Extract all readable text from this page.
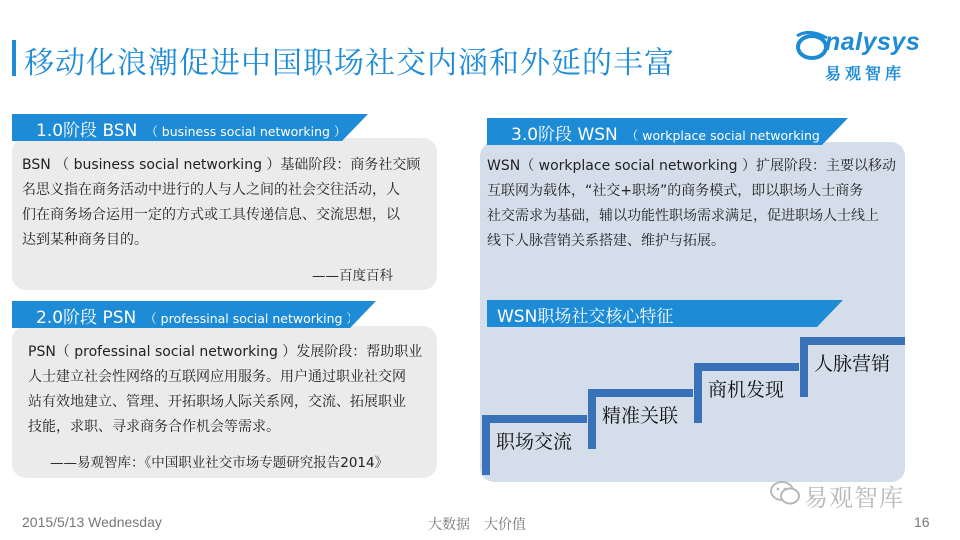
移动化浪潮促进中国职场社交内涵和外延的丰富
nalysys
易观智库
1.0阶段 BSN （ business social networking ）
BSN （ business social networking ）基础阶段：商务社交顾
名思义指在商务活动中进行的人与人之间的社会交往活动，人
们在商务场合运用一定的方式或工具传递信息、交流思想，以
达到某种商务目的。
——百度百科
2.0阶段 PSN （ professinal social networking ）
PSN（ professinal social networking ）发展阶段：帮助职业
人士建立社会性网络的互联网应用服务。用户通过职业社交网
站有效地建立、管理、开拓职场人际关系网，交流、拓展职业
技能，求职、寻求商务合作机会等需求。
——易观智库：《中国职业社交市场专题研究报告2014》
3.0阶段 WSN （ workplace social networking ）
WSN（ workplace social networking ）扩展阶段：主要以移动
互联网为载体，“社交+职场”的商务模式，即以职场人士商务
社交需求为基础，辅以功能性职场需求满足，促进职场人士线上
线下人脉营销关系搭建、维护与拓展。
WSN职场社交核心特征
职场交流
精准关联
商机发现
人脉营销
易观智库
2015/5/13 Wednesday	大数据　大价值	16
